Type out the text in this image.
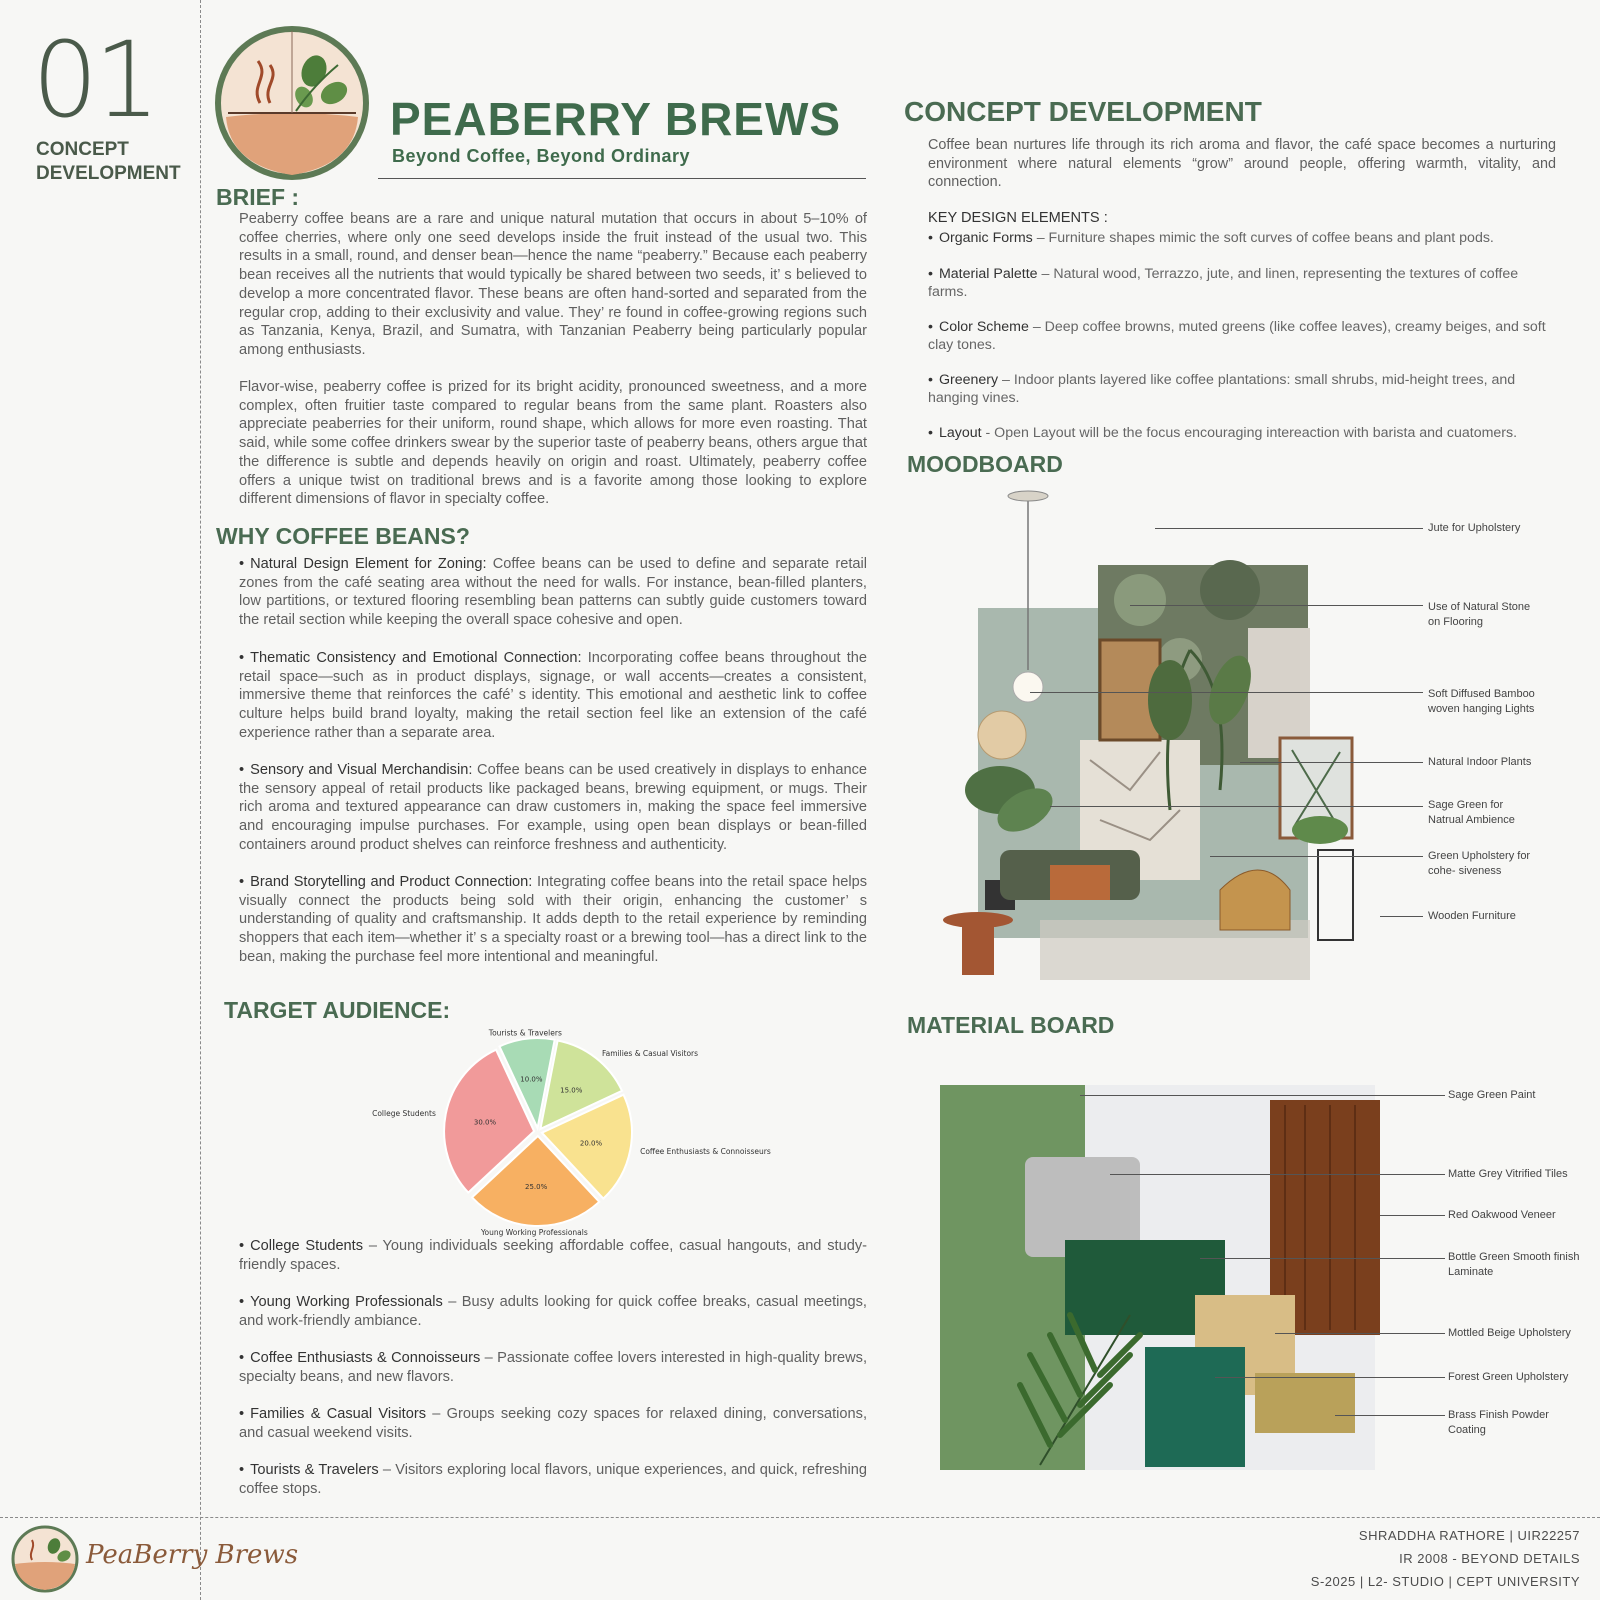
01
CONCEPT DEVELOPMENT
PEABERRY BREWS
Beyond Coffee, Beyond Ordinary
BRIEF :
Peaberry coffee beans are a rare and unique natural mutation that occurs in about 5–10% of coffee cherries, where only one seed develops inside the fruit instead of the usual two. This results in a small, round, and denser bean—hence the name “peaberry.” Because each peaberry bean receives all the nutrients that would typically be shared between two seeds, it’ s believed to develop a more concentrated flavor. These beans are often hand-sorted and separated from the regular crop, adding to their exclusivity and value. They’ re found in coffee-growing regions such as Tanzania, Kenya, Brazil, and Sumatra, with Tanzanian Peaberry being particularly popular among enthusiasts.
Flavor-wise, peaberry coffee is prized for its bright acidity, pronounced sweetness, and a more complex, often fruitier taste compared to regular beans from the same plant. Roasters also appreciate peaberries for their uniform, round shape, which allows for more even roasting. That said, while some coffee drinkers swear by the superior taste of peaberry beans, others argue that the difference is subtle and depends heavily on origin and roast. Ultimately, peaberry coffee offers a unique twist on traditional brews and is a favorite among those looking to explore different dimensions of flavor in specialty coffee.
WHY COFFEE BEANS?
• Natural Design Element for Zoning: Coffee beans can be used to define and separate retail zones from the café seating area without the need for walls. For instance, bean-filled planters, low partitions, or textured flooring resembling bean patterns can subtly guide customers toward the retail section while keeping the overall space cohesive and open.
• Thematic Consistency and Emotional Connection: Incorporating coffee beans throughout the retail space—such as in product displays, signage, or wall accents—creates a consistent, immersive theme that reinforces the café’ s identity. This emotional and aesthetic link to coffee culture helps build brand loyalty, making the retail section feel like an extension of the café experience rather than a separate area.
• Sensory and Visual Merchandisin: Coffee beans can be used creatively in displays to enhance the sensory appeal of retail products like packaged beans, brewing equipment, or mugs. Their rich aroma and textured appearance can draw customers in, making the space feel immersive and encouraging impulse purchases. For example, using open bean displays or bean-filled containers around product shelves can reinforce freshness and authenticity.
• Brand Storytelling and Product Connection: Integrating coffee beans into the retail space helps visually connect the products being sold with their origin, enhancing the customer’ s understanding of quality and craftsmanship. It adds depth to the retail experience by reminding shoppers that each item—whether it’ s a specialty roast or a brewing tool—has a direct link to the bean, making the purchase feel more intentional and meaningful.
TARGET AUDIENCE:
10.0%
15.0%
20.0%
25.0%
30.0%
Tourists & Travelers
Families & Casual Visitors
Coffee Enthusiasts & Connoisseurs
Young Working Professionals
College Students
• College Students – Young individuals seeking affordable coffee, casual hangouts, and study-friendly spaces.
• Young Working Professionals – Busy adults looking for quick coffee breaks, casual meetings, and work-friendly ambiance.
• Coffee Enthusiasts & Connoisseurs – Passionate coffee lovers interested in high-quality brews, specialty beans, and new flavors.
• Families & Casual Visitors – Groups seeking cozy spaces for relaxed dining, conversations, and casual weekend visits.
• Tourists & Travelers – Visitors exploring local flavors, unique experiences, and quick, refreshing coffee stops.
CONCEPT DEVELOPMENT
Coffee bean nurtures life through its rich aroma and flavor, the café space becomes a nurturing environment where natural elements “grow” around people, offering warmth, vitality, and connection.
KEY DESIGN ELEMENTS :
• Organic Forms – Furniture shapes mimic the soft curves of coffee beans and plant pods.
• Material Palette – Natural wood, Terrazzo, jute, and linen, representing the textures of coffee farms.
• Color Scheme – Deep coffee browns, muted greens (like coffee leaves), creamy beiges, and soft clay tones.
• Greenery – Indoor plants layered like coffee plantations: small shrubs, mid-height trees, and hanging vines.
• Layout - Open Layout will be the focus encouraging intereaction with barista and cuatomers.
MOODBOARD
Jute for Upholstery
Use of Natural Stone on Flooring
Soft Diffused Bamboo woven hanging Lights
Natural Indoor Plants
Sage Green for Natrual Ambience
Green Upholstery for cohe- siveness
Wooden Furniture
MATERIAL BOARD
Sage Green Paint
Matte Grey Vitrified Tiles
Red Oakwood Veneer
Bottle Green Smooth finish Laminate
Mottled Beige Upholstery
Forest Green Upholstery
Brass Finish Powder Coating
PeaBerry Brews
SHRADDHA RATHORE | UIR22257
IR 2008 - BEYOND DETAILS
S-2025 | L2- STUDIO | CEPT UNIVERSITY
